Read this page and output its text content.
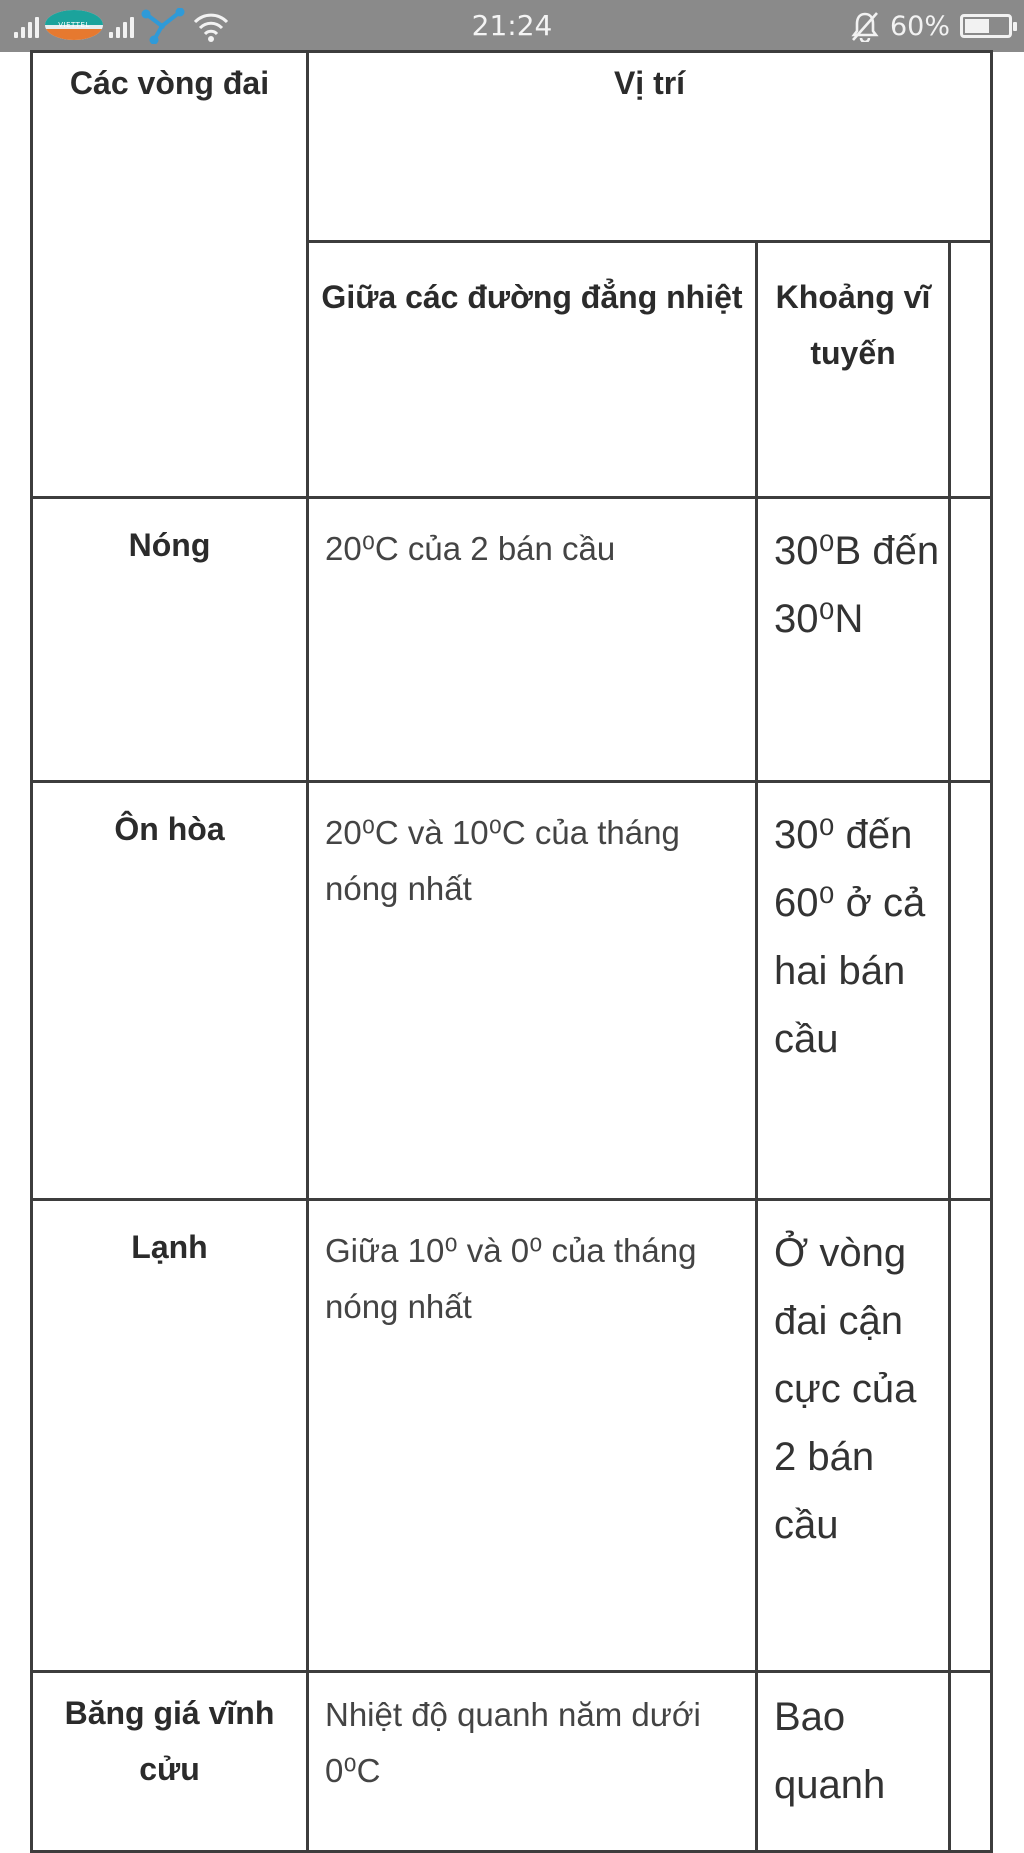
VIETTEL	21:24	60%
Các vòng đai	Vị trí		
	Giữa các đường đẳng nhiệt	Khoảng vĩ tuyến	
Nóng	20⁰C của 2 bán cầu	30⁰B đến 30⁰N	
Ôn hòa	20⁰C và 10⁰C của tháng nóng nhất	30⁰ đến 60⁰ ở cả hai bán cầu	
Lạnh	Giữa 10⁰ và 0⁰ của tháng nóng nhất	Ở vòng đai cận cực của 2 bán cầu	
Băng giá vĩnh cửu	Nhiệt độ quanh năm dưới 0⁰C	Bao quanh	
